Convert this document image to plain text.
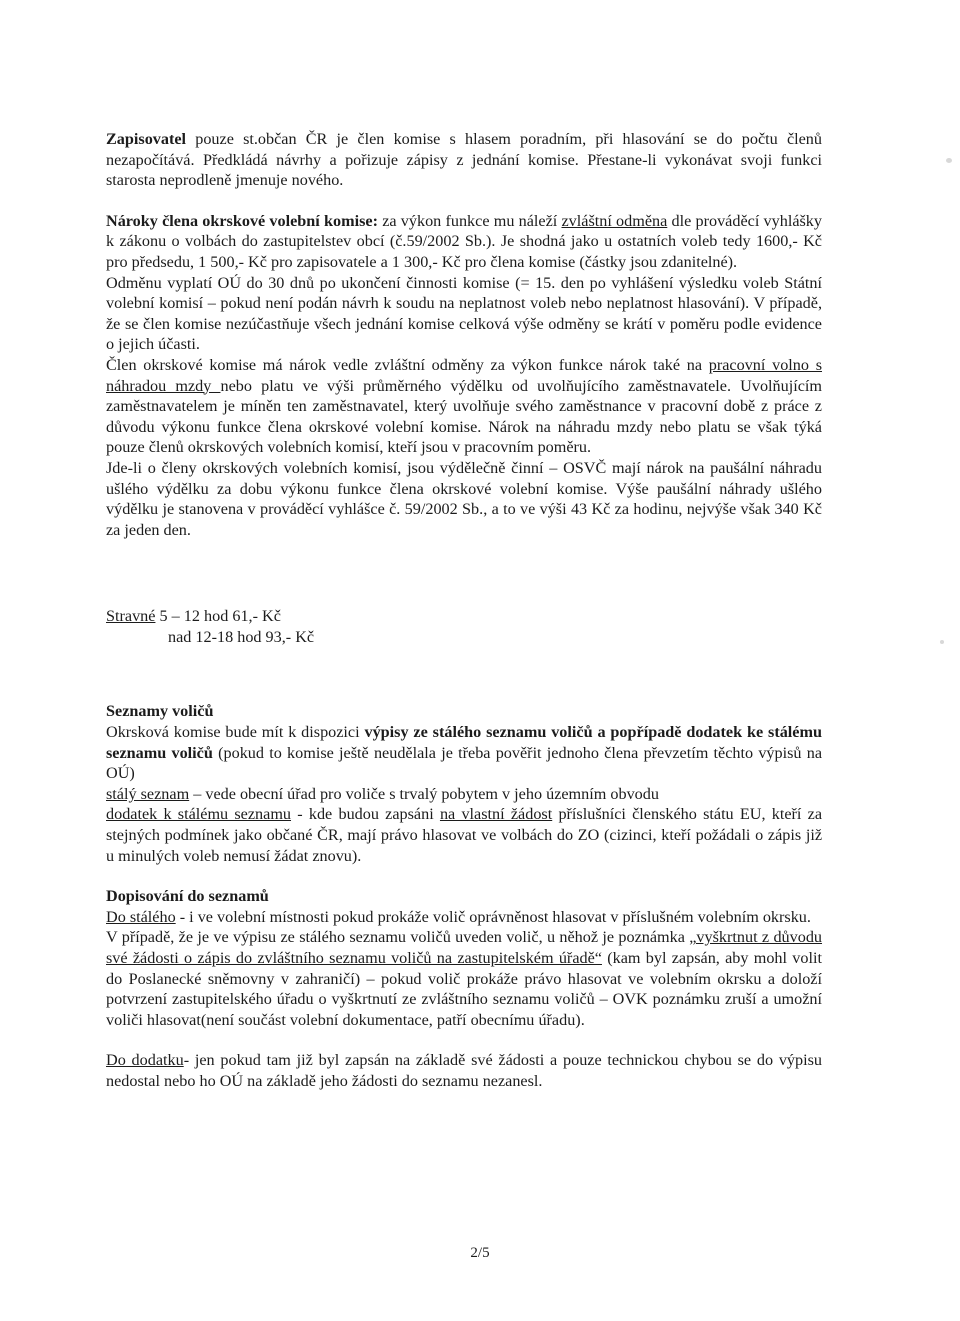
Zapisovatel pouze st.občan ČR je člen komise s hlasem poradním, při hlasování se do počtu členů nezapočítává. Předkládá návrhy a pořizuje zápisy z jednání komise. Přestane-li vykonávat svoji funkci starosta neprodleně jmenuje nového.

Nároky člena okrskové volební komise: za výkon funkce mu náleží zvláštní odměna dle prováděcí vyhlášky k zákonu o volbách do zastupitelstev obcí (č.59/2002 Sb.). Je shodná jako u ostatních voleb tedy 1600,- Kč pro předsedu, 1 500,- Kč pro zapisovatele a 1 300,- Kč pro člena komise (částky jsou zdanitelné).

Odměnu vyplatí OÚ do 30 dnů po ukončení činnosti komise (= 15. den po vyhlášení výsledku voleb Státní volební komisí – pokud není podán návrh k soudu na neplatnost voleb nebo neplatnost hlasování). V případě, že se člen komise nezúčastňuje všech jednání komise celková výše odměny se krátí v poměru podle evidence o jejich účasti.

Člen okrskové komise má nárok vedle zvláštní odměny za výkon funkce nárok také na pracovní volno s náhradou mzdy nebo platu ve výši průměrného výdělku od uvolňujícího zaměstnavatele. Uvolňujícím zaměstnavatelem je míněn ten zaměstnavatel, který uvolňuje svého zaměstnance v pracovní době z práce z důvodu výkonu funkce člena okrskové volební komise. Nárok na náhradu mzdy nebo platu se však týká pouze členů okrskových volebních komisí, kteří jsou v pracovním poměru.

Jde-li o členy okrskových volebních komisí, jsou výdělečně činní – OSVČ mají nárok na paušální náhradu ušlého výdělku za dobu výkonu funkce člena okrskové volební komise. Výše paušální náhrady ušlého výdělku je stanovena v prováděcí vyhlášce č. 59/2002 Sb., a to ve výši 43 Kč za hodinu, nejvýše však 340 Kč za jeden den.

Stravné 5 – 12 hod 61,- Kč

nad 12-18 hod 93,- Kč

Seznamy voličů

Okrsková komise bude mít k dispozici výpisy ze stálého seznamu voličů a popřípadě dodatek ke stálému seznamu voličů (pokud to komise ještě neudělala je třeba pověřit jednoho člena převzetím těchto výpisů na OÚ)

stálý seznam – vede obecní úřad pro voliče s trvalý pobytem v jeho územním obvodu

dodatek k stálému seznamu - kde budou zapsáni na vlastní žádost příslušníci členského státu EU, kteří za stejných podmínek jako občané ČR, mají právo hlasovat ve volbách do ZO (cizinci, kteří požádali o zápis již u minulých voleb nemusí žádat znovu).

Dopisování do seznamů

Do stálého - i ve volební místnosti pokud prokáže volič oprávněnost hlasovat v příslušném volebním okrsku.

V případě, že je ve výpisu ze stálého seznamu voličů uveden volič, u něhož je poznámka „vyškrtnut z důvodu své žádosti o zápis do zvláštního seznamu voličů na zastupitelském úřadě“ (kam byl zapsán, aby mohl volit do Poslanecké sněmovny v zahraničí) – pokud volič prokáže právo hlasovat ve volebním okrsku a doloží potvrzení zastupitelského úřadu o vyškrtnutí ze zvláštního seznamu voličů – OVK poznámku zruší a umožní voliči hlasovat(není součást volební dokumentace, patří obecnímu úřadu).

Do dodatku- jen pokud tam již byl zapsán na základě své žádosti a pouze technickou chybou se do výpisu nedostal nebo ho OÚ na základě jeho žádosti do seznamu nezanesl.

2/5
